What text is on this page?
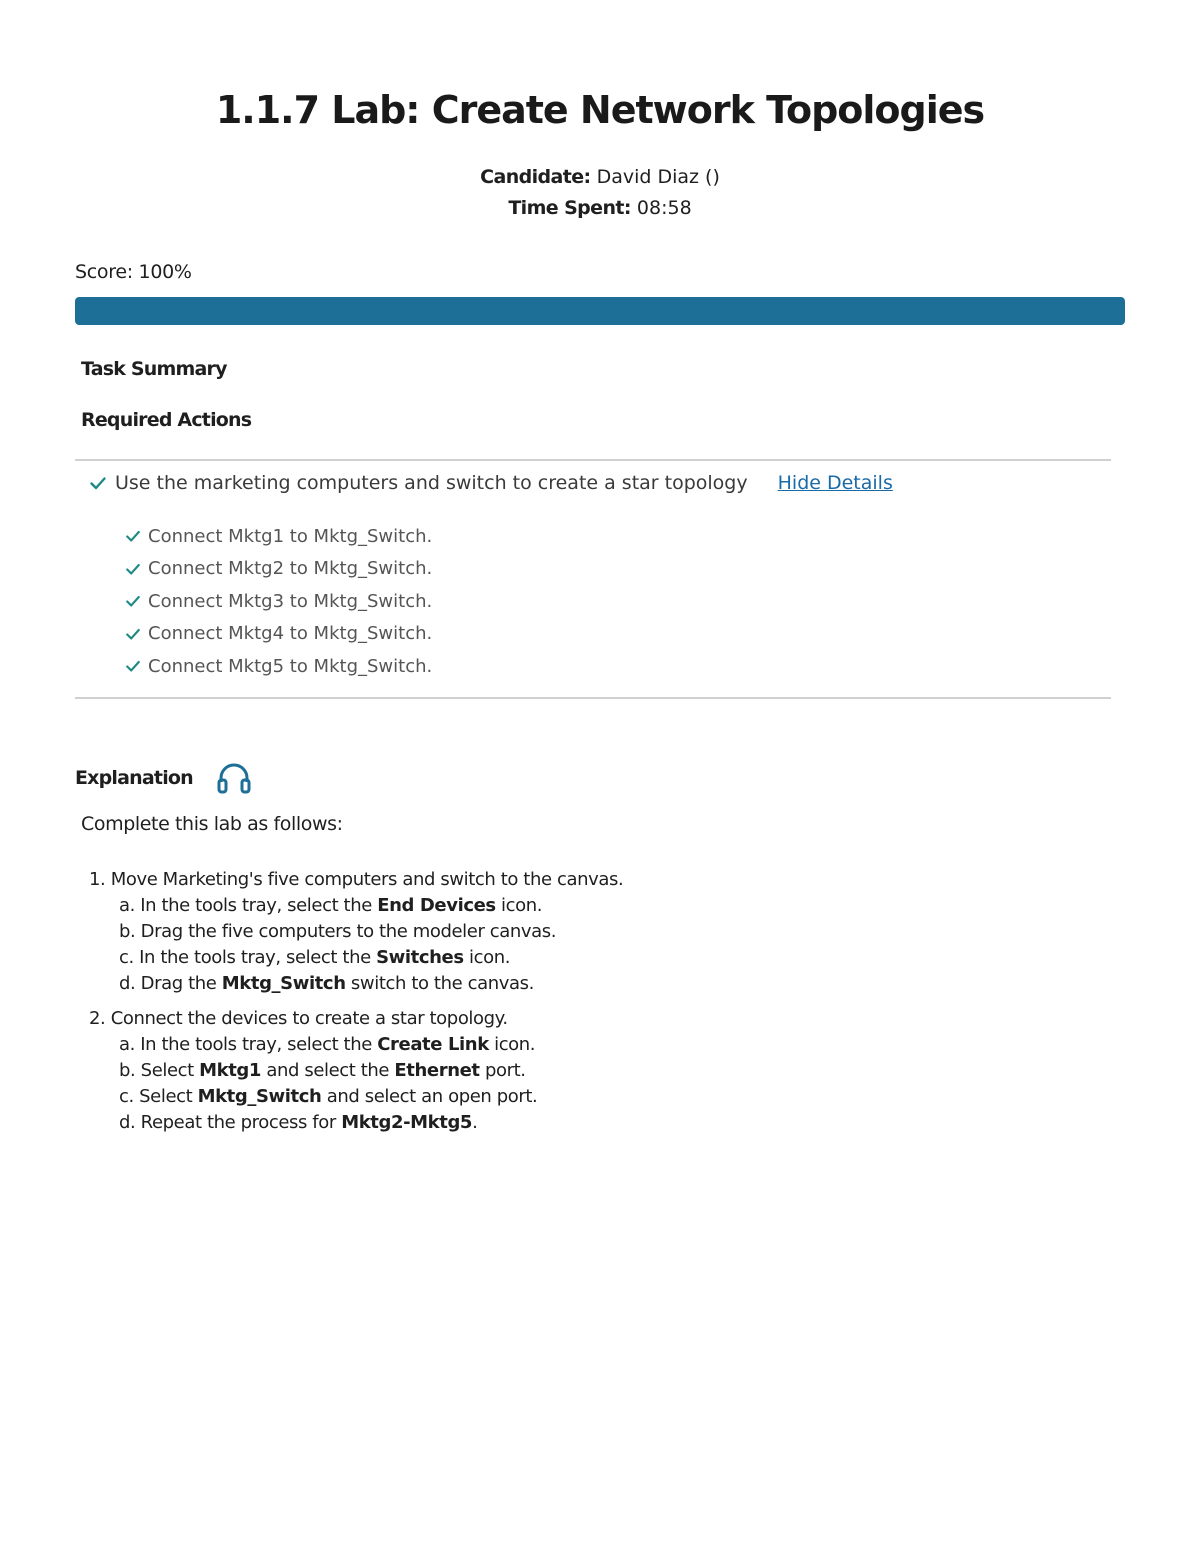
1.1.7 Lab: Create Network Topologies
Candidate: David Diaz ()
Time Spent: 08:58
Score: 100%
Task Summary
Required Actions
Use the marketing computers and switch to create a star topology Hide Details
Connect Mktg1 to Mktg_Switch.
Connect Mktg2 to Mktg_Switch.
Connect Mktg3 to Mktg_Switch.
Connect Mktg4 to Mktg_Switch.
Connect Mktg5 to Mktg_Switch.
Explanation
Complete this lab as follows:
1. Move Marketing's five computers and switch to the canvas.
a. In the tools tray, select the End Devices icon.
b. Drag the five computers to the modeler canvas.
c. In the tools tray, select the Switches icon.
d. Drag the Mktg_Switch switch to the canvas.
2. Connect the devices to create a star topology.
a. In the tools tray, select the Create Link icon.
b. Select Mktg1 and select the Ethernet port.
c. Select Mktg_Switch and select an open port.
d. Repeat the process for Mktg2-Mktg5.
